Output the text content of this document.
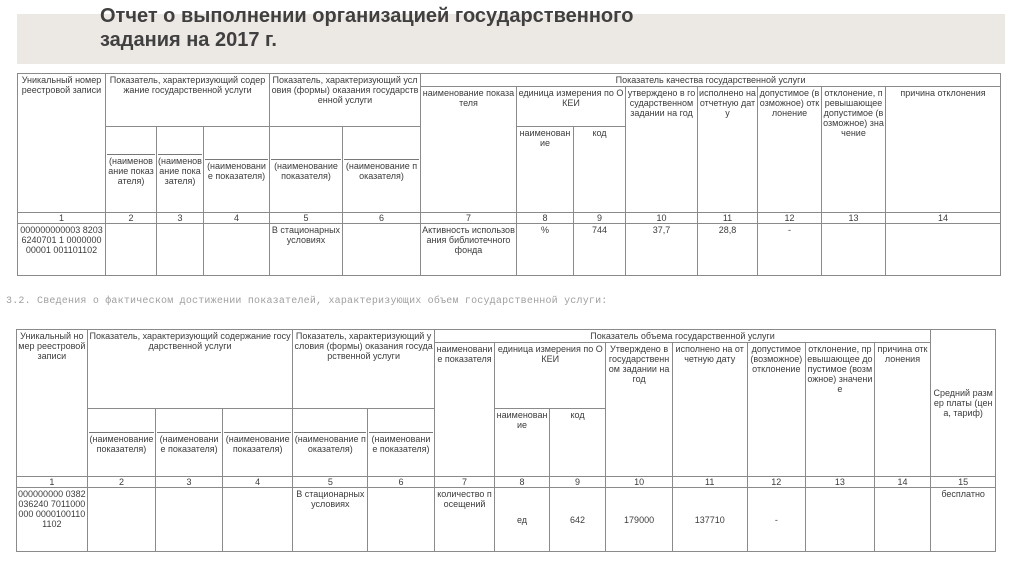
Отчет о выполнении организацией государственного
задания на 2017 г.
Уникальный номер реестровой записи	Показатель, характеризующий содержание государственной услуги			Показатель, характеризующий условия (формы) оказания государственной услуги		Показатель качества государственной услуги							
						наименование показателя	единица измерения по ОКЕИ		утверждено в государственном задании на год	исполнено на отчетную дату	допустимое (возможное) отклонение	отклонение, превышающее допустимое (возможное) значение	причина отклонения

	(наименование показателя)	(наименование показателя)	(наименование показателя)	(наименование показателя)	(наименование показателя)		наименование	код					
1	2	3	4	5	6	7	8	9	10	11	12	13	14
000000000003 82036240701 1 000000000001 001101102				В стационарных условиях		Активность использования библиотечного фонда	%	744	37,7	28,8	-		
3.2. Сведения о фактическом достижении показателей, характеризующих объем государственной услуги:
Уникальный номер реестровой записи	Показатель, характеризующий содержание государственной услуги			Показатель, характеризующий условия (формы) оказания государственной услуги		Показатель объема государственной услуги								Средний размер платы (цена, тариф)
						наименование показателя	единица измерения по ОКЕИ		Утверждено в государственном задании на год	исполнено на отчетную дату	допустимое (возможное) отклонение	отклонение, превышающее допустимое (возможное) значение	причина отклонения	

	(наименование показателя)	(наименование показателя)	(наименование показателя)	(наименование показателя)	(наименование показателя)		наименование	код						
1	2	3	4	5	6	7	8	9	10	11	12	13	14	15
000000000 0382036240 7011000000 0000100110 1102				В стационарных условиях		количество посещений	ед	642	179000	137710	-			бесплатно
